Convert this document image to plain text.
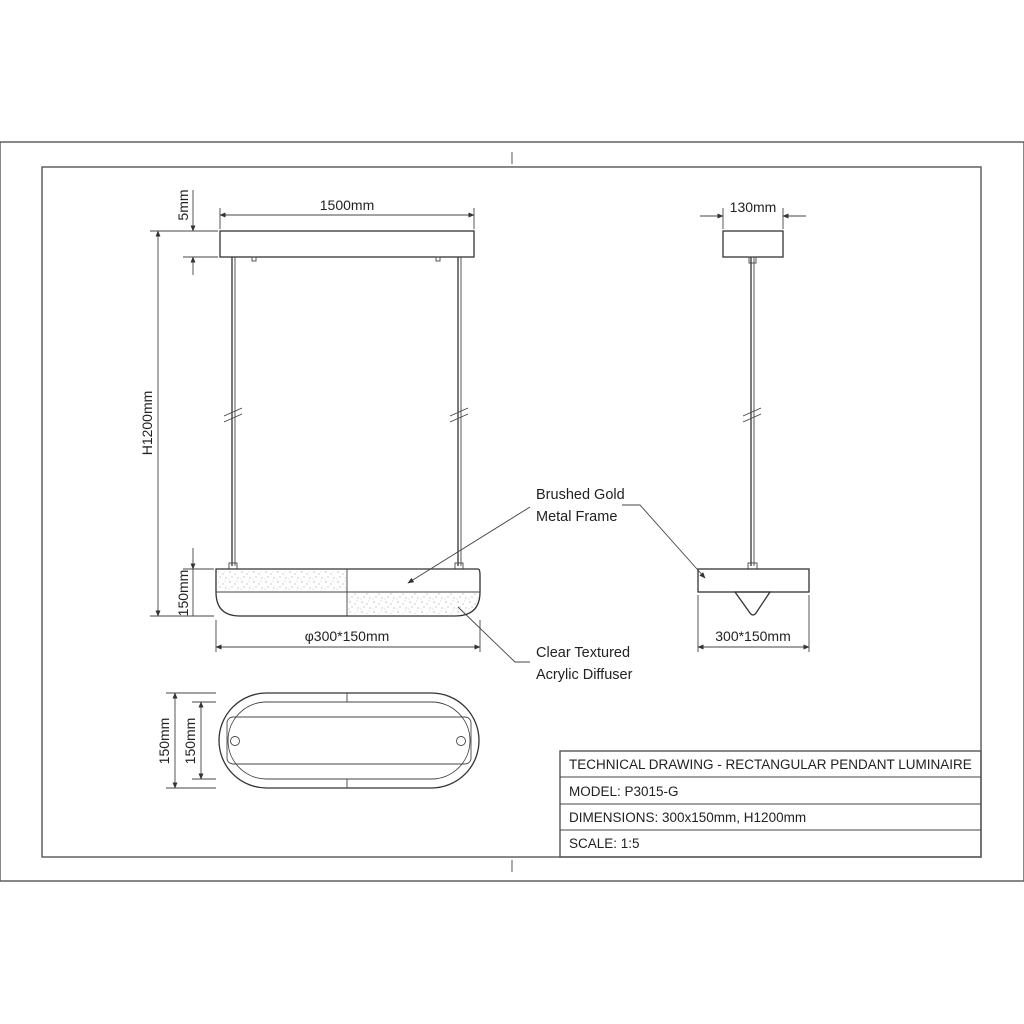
1500mm
5mm
H1200mm
150mm
φ300*150mm
130mm
300*150mm
Brushed Gold
Metal Frame
Clear Textured
Acrylic Diffuser
150mm 150mm
TECHNICAL DRAWING - RECTANGULAR PENDANT LUMINAIRE
MODEL: P3015-G
DIMENSIONS: 300x150mm, H1200mm
SCALE: 1:5
